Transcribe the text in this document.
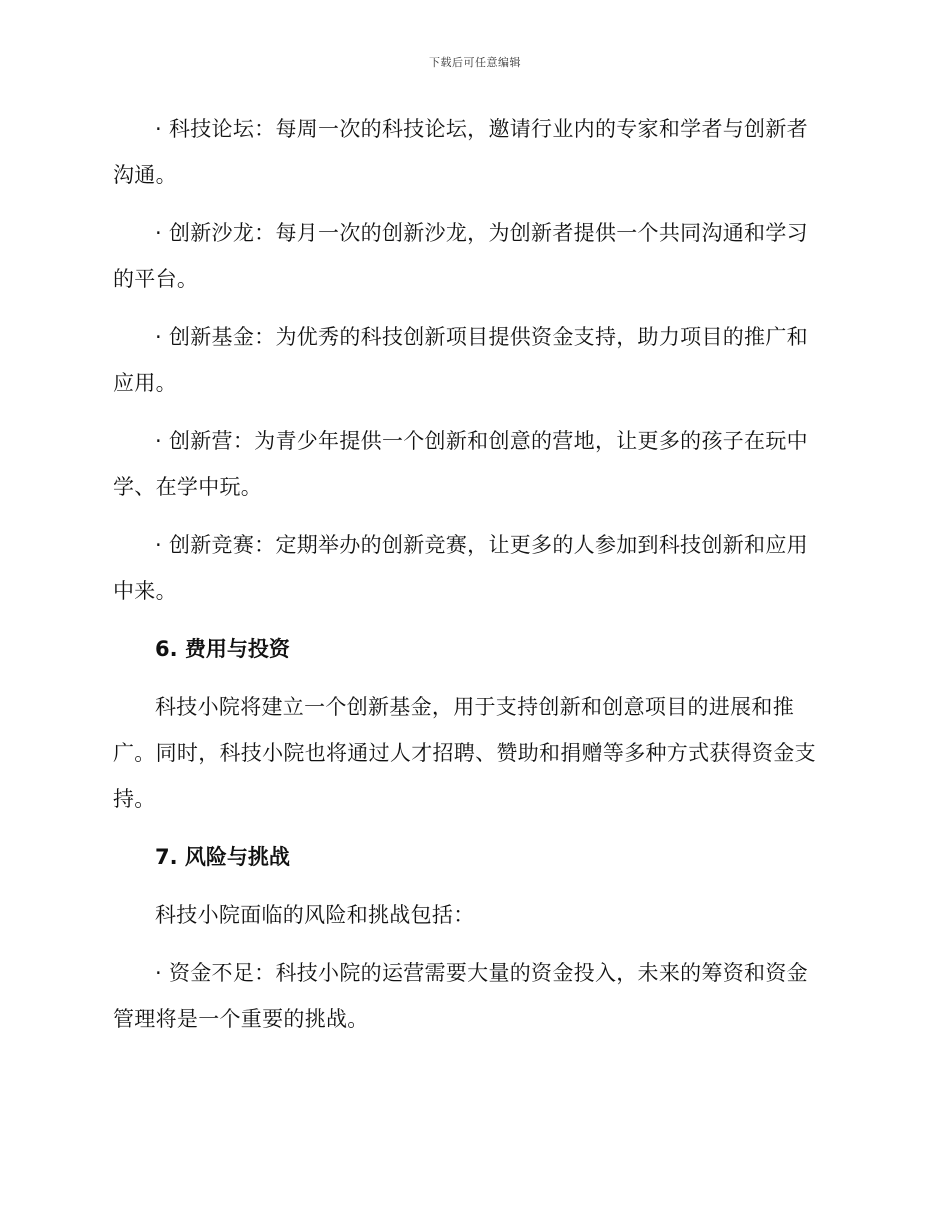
下载后可任意编辑

· 科技论坛：每周一次的科技论坛，邀请行业内的专家和学者与创新者沟通。

· 创新沙龙：每月一次的创新沙龙，为创新者提供一个共同沟通和学习的平台。

· 创新基金：为优秀的科技创新项目提供资金支持，助力项目的推广和应用。

· 创新营：为青少年提供一个创新和创意的营地，让更多的孩子在玩中学、在学中玩。

· 创新竞赛：定期举办的创新竞赛，让更多的人参加到科技创新和应用中来。

6. 费用与投资

科技小院将建立一个创新基金，用于支持创新和创意项目的进展和推广。同时，科技小院也将通过人才招聘、赞助和捐赠等多种方式获得资金支持。

7. 风险与挑战

科技小院面临的风险和挑战包括：

· 资金不足：科技小院的运营需要大量的资金投入，未来的筹资和资金管理将是一个重要的挑战。
